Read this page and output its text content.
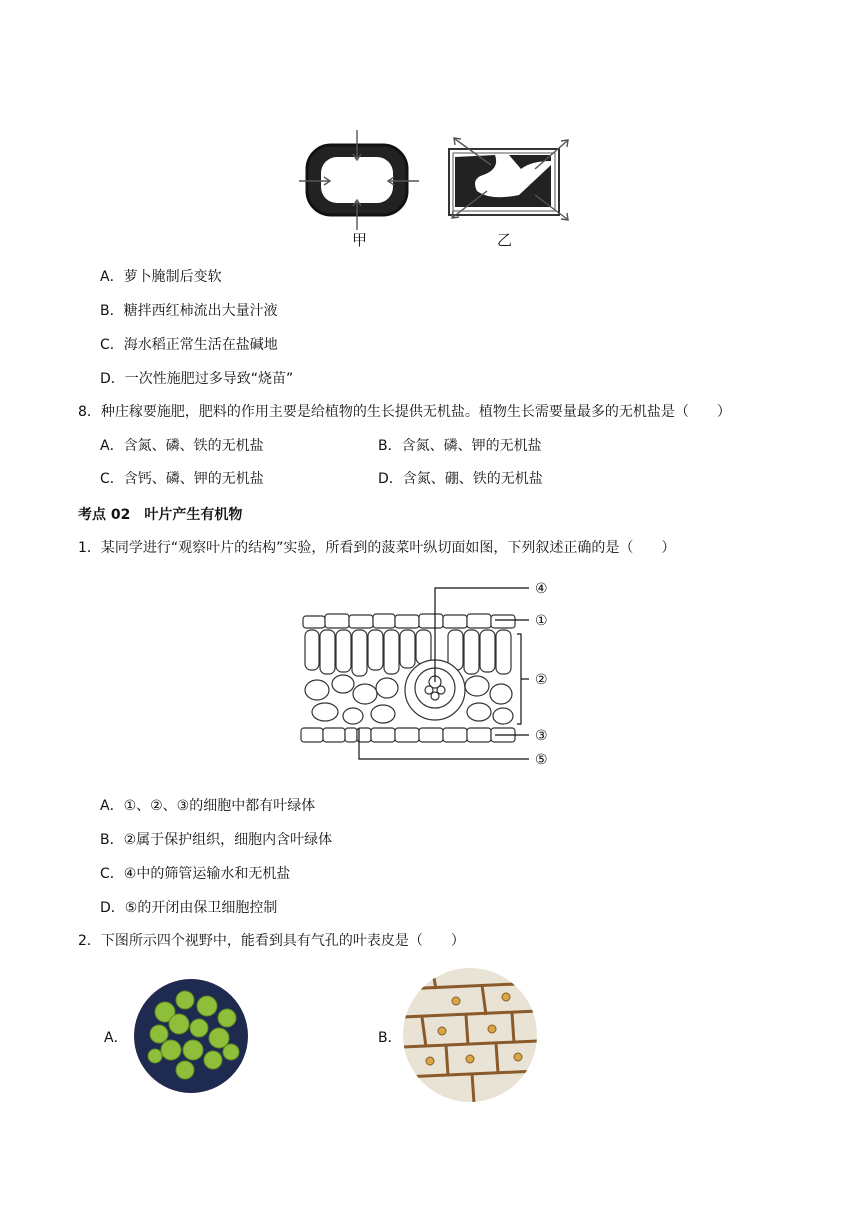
甲	乙
A．萝卜腌制后变软
B．糖拌西红柿流出大量汁液
C．海水稻正常生活在盐碱地
D．一次性施肥过多导致“烧苗”
8．种庄稼要施肥，肥料的作用主要是给植物的生长提供无机盐。植物生长需要量最多的无机盐是（　　）
A．含氮、磷、铁的无机盐	B．含氮、磷、钾的无机盐
C．含钙、磷、钾的无机盐	D．含氮、硼、铁的无机盐
考点 02　叶片产生有机物
1．某同学进行“观察叶片的结构”实验，所看到的菠菜叶纵切面如图，下列叙述正确的是（　　）
④
①
②
③
⑤
A．①、②、③的细胞中都有叶绿体
B．②属于保护组织，细胞内含叶绿体
C．④中的筛管运输水和无机盐
D．⑤的开闭由保卫细胞控制
2．下图所示四个视野中，能看到具有气孔的叶表皮是（　　）
A．	B．
